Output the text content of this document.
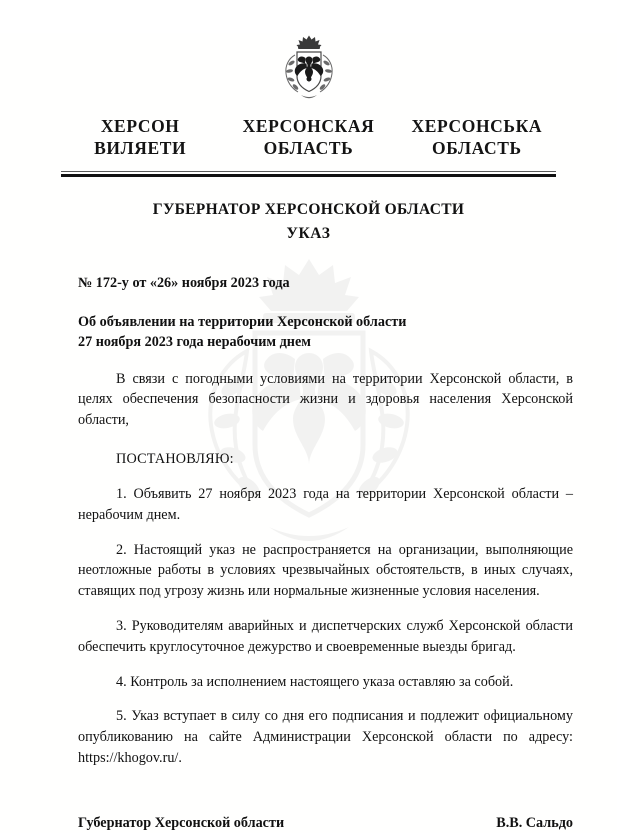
ХЕРСОН
ВИЛЯЕТИ
ХЕРСОНСКАЯ
ОБЛАСТЬ
ХЕРСОНСЬКА
ОБЛАСТЬ
ГУБЕРНАТОР ХЕРСОНСКОЙ ОБЛАСТИ
УКАЗ
№ 172-у от «26» ноября 2023 года
Об объявлении на территории Херсонской области
27 ноября 2023 года нерабочим днем

В связи с погодными условиями на территории Херсонской области, в целях обеспечения безопасности жизни и здоровья населения Херсонской области,

ПОСТАНОВЛЯЮ:

1. Объявить 27 ноября 2023 года на территории Херсонской области – нерабочим днем.

2. Настоящий указ не распространяется на организации, выполняющие неотложные работы в условиях чрезвычайных обстоятельств, в иных случаях, ставящих под угрозу жизнь или нормальные жизненные условия населения.

3. Руководителям аварийных и диспетчерских служб Херсонской области обеспечить круглосуточное дежурство и своевременные выезды бригад.

4. Контроль за исполнением настоящего указа оставляю за собой.

5. Указ вступает в силу со дня его подписания и подлежит официальному опубликованию на сайте Администрации Херсонской области по адресу: https://khogov.ru/.

Губернатор Херсонской области	В.В. Сальдо
